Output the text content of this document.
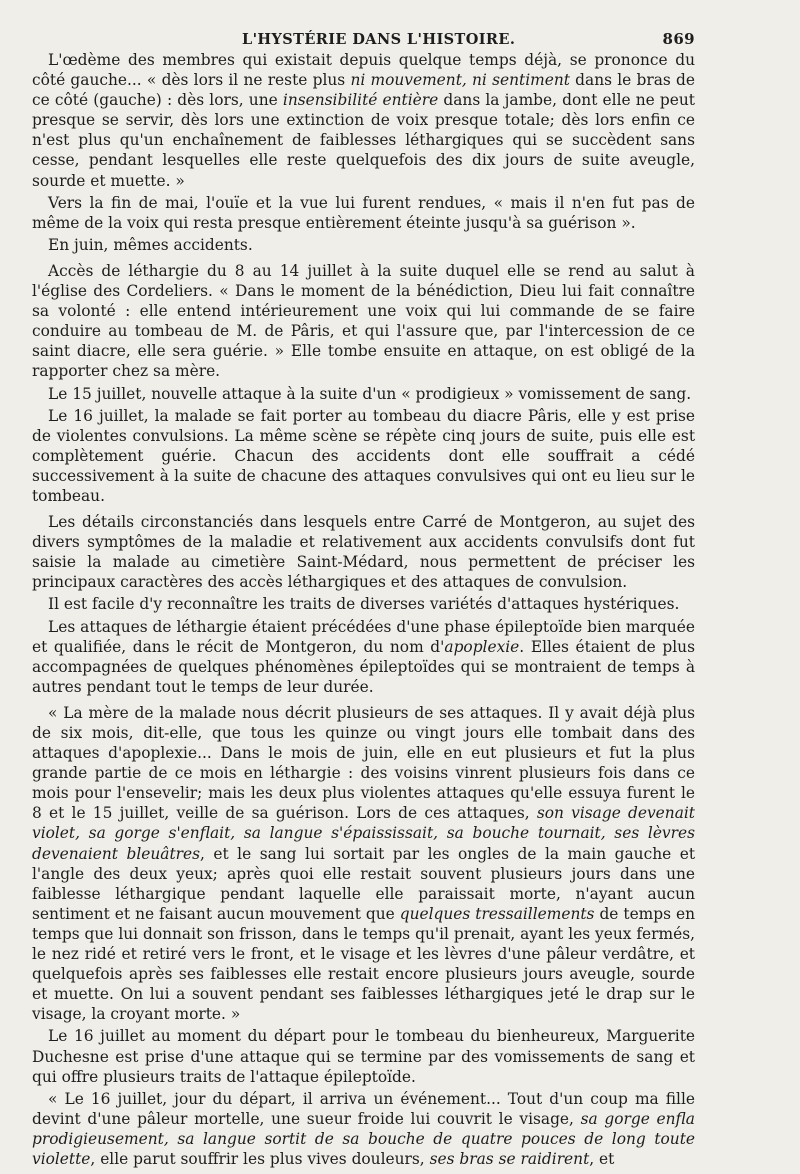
L'HYSTÉRIE DANS L'HISTOIRE.	869

L'œdème des membres qui existait depuis quelque temps déjà, se prononce du côté gauche... « dès lors il ne reste plus ni mouvement, ni sentiment dans le bras de ce côté (gauche) : dès lors, une insensibilité entière dans la jambe, dont elle ne peut presque se servir, dès lors une extinction de voix presque totale; dès lors enfin ce n'est plus qu'un enchaînement de faiblesses léthargiques qui se succèdent sans cesse, pendant lesquelles elle reste quelquefois des dix jours de suite aveugle, sourde et muette. »

Vers la fin de mai, l'ouïe et la vue lui furent rendues, « mais il n'en fut pas de même de la voix qui resta presque entièrement éteinte jusqu'à sa guérison ».

En juin, mêmes accidents.

Accès de léthargie du 8 au 14 juillet à la suite duquel elle se rend au salut à l'église des Cordeliers. « Dans le moment de la bénédiction, Dieu lui fait connaître sa volonté : elle entend intérieurement une voix qui lui commande de se faire conduire au tombeau de M. de Pâris, et qui l'assure que, par l'intercession de ce saint diacre, elle sera guérie. » Elle tombe ensuite en attaque, on est obligé de la rapporter chez sa mère.

Le 15 juillet, nouvelle attaque à la suite d'un « prodigieux » vomissement de sang.

Le 16 juillet, la malade se fait porter au tombeau du diacre Pâris, elle y est prise de violentes convulsions. La même scène se répète cinq jours de suite, puis elle est complètement guérie. Chacun des accidents dont elle souffrait a cédé successivement à la suite de chacune des attaques convulsives qui ont eu lieu sur le tombeau.

Les détails circonstanciés dans lesquels entre Carré de Montgeron, au sujet des divers symptômes de la maladie et relativement aux accidents convulsifs dont fut saisie la malade au cimetière Saint-Médard, nous permettent de préciser les principaux caractères des accès léthargiques et des attaques de convulsion.

Il est facile d'y reconnaître les traits de diverses variétés d'attaques hystériques.

Les attaques de léthargie étaient précédées d'une phase épileptoïde bien marquée et qualifiée, dans le récit de Montgeron, du nom d'apoplexie. Elles étaient de plus accompagnées de quelques phénomènes épileptoïdes qui se montraient de temps à autres pendant tout le temps de leur durée.

« La mère de la malade nous décrit plusieurs de ses attaques. Il y avait déjà plus de six mois, dit-elle, que tous les quinze ou vingt jours elle tombait dans des attaques d'apoplexie... Dans le mois de juin, elle en eut plusieurs et fut la plus grande partie de ce mois en léthargie : des voisins vinrent plusieurs fois dans ce mois pour l'ensevelir; mais les deux plus violentes attaques qu'elle essuya furent le 8 et le 15 juillet, veille de sa guérison. Lors de ces attaques, son visage devenait violet, sa gorge s'enflait, sa langue s'épaississait, sa bouche tournait, ses lèvres devenaient bleuâtres, et le sang lui sortait par les ongles de la main gauche et l'angle des deux yeux; après quoi elle restait souvent plusieurs jours dans une faiblesse léthargique pendant laquelle elle paraissait morte, n'ayant aucun sentiment et ne faisant aucun mouvement que quelques tressaillements de temps en temps que lui donnait son frisson, dans le temps qu'il prenait, ayant les yeux fermés, le nez ridé et retiré vers le front, et le visage et les lèvres d'une pâleur verdâtre, et quelquefois après ses faiblesses elle restait encore plusieurs jours aveugle, sourde et muette. On lui a souvent pendant ses faiblesses léthargiques jeté le drap sur le visage, la croyant morte. »

Le 16 juillet au moment du départ pour le tombeau du bienheureux, Marguerite Duchesne est prise d'une attaque qui se termine par des vomissements de sang et qui offre plusieurs traits de l'attaque épileptoïde.

« Le 16 juillet, jour du départ, il arriva un événement... Tout d'un coup ma fille devint d'une pâleur mortelle, une sueur froide lui couvrit le visage, sa gorge enfla prodigieusement, sa langue sortit de sa bouche de quatre pouces de long toute violette, elle parut souffrir les plus vives douleurs, ses bras se raidirent, et
